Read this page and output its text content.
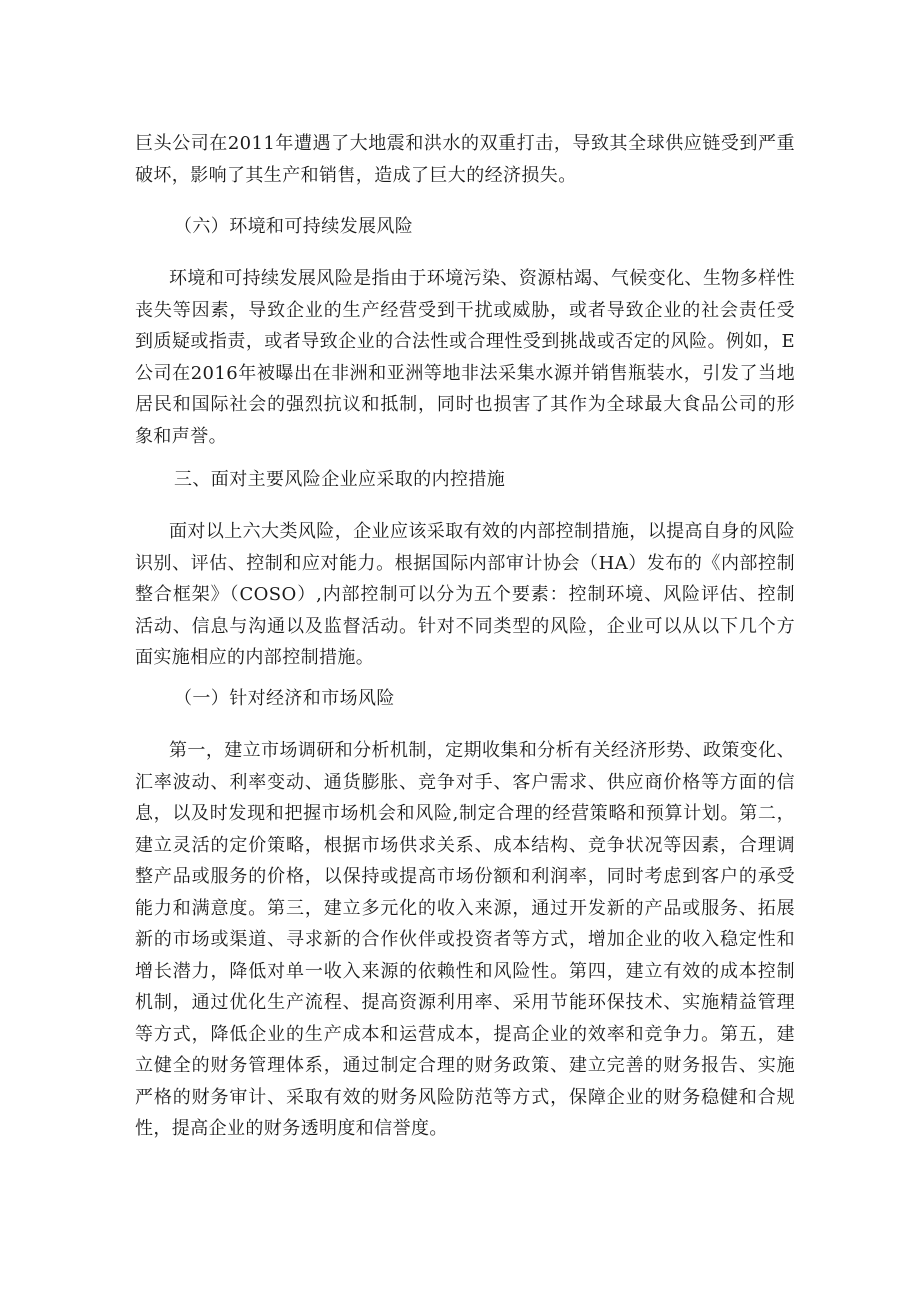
巨头公司在2011年遭遇了大地震和洪水的双重打击，导致其全球供应链受到严重破坏，影响了其生产和销售，造成了巨大的经济损失。

（六）环境和可持续发展风险

环境和可持续发展风险是指由于环境污染、资源枯竭、气候变化、生物多样性丧失等因素，导致企业的生产经营受到干扰或威胁，或者导致企业的社会责任受到质疑或指责，或者导致企业的合法性或合理性受到挑战或否定的风险。例如，E公司在2016年被曝出在非洲和亚洲等地非法采集水源并销售瓶装水，引发了当地居民和国际社会的强烈抗议和抵制，同时也损害了其作为全球最大食品公司的形象和声誉。

三、面对主要风险企业应采取的内控措施

面对以上六大类风险，企业应该采取有效的内部控制措施，以提高自身的风险识别、评估、控制和应对能力。根据国际内部审计协会（HA）发布的《内部控制整合框架》（COSO）,内部控制可以分为五个要素：控制环境、风险评估、控制活动、信息与沟通以及监督活动。针对不同类型的风险，企业可以从以下几个方面实施相应的内部控制措施。

（一）针对经济和市场风险

第一，建立市场调研和分析机制，定期收集和分析有关经济形势、政策变化、汇率波动、利率变动、通货膨胀、竞争对手、客户需求、供应商价格等方面的信息，以及时发现和把握市场机会和风险,制定合理的经营策略和预算计划。第二，建立灵活的定价策略，根据市场供求关系、成本结构、竞争状况等因素，合理调整产品或服务的价格，以保持或提高市场份额和利润率，同时考虑到客户的承受能力和满意度。第三，建立多元化的收入来源，通过开发新的产品或服务、拓展新的市场或渠道、寻求新的合作伙伴或投资者等方式，增加企业的收入稳定性和增长潜力，降低对单一收入来源的依赖性和风险性。第四，建立有效的成本控制机制，通过优化生产流程、提高资源利用率、采用节能环保技术、实施精益管理等方式，降低企业的生产成本和运营成本，提高企业的效率和竞争力。第五，建立健全的财务管理体系，通过制定合理的财务政策、建立完善的财务报告、实施严格的财务审计、采取有效的财务风险防范等方式，保障企业的财务稳健和合规性，提高企业的财务透明度和信誉度。
